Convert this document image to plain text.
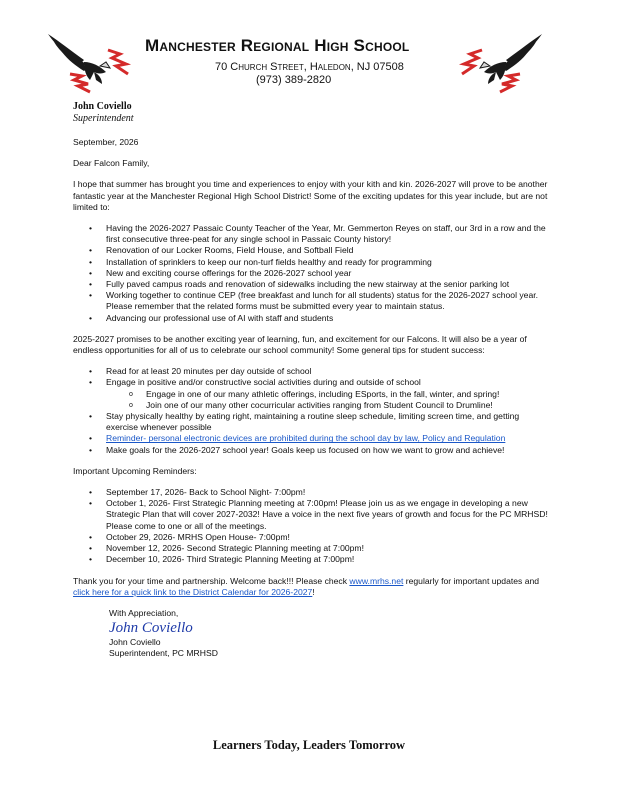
Manchester Regional High School
70 Church Street, Haledon, NJ 07508
(973) 389-2820
John Coviello
Superintendent

September, 2026

Dear Falcon Family,

I hope that summer has brought you time and experiences to enjoy with your kith and kin. 2026-2027 will prove to be another fantastic year at the Manchester Regional High School District! Some of the exciting updates for this year include, but are not limited to:

• Having the 2026-2027 Passaic County Teacher of the Year, Mr. Gemmerton Reyes on staff, our 3rd in a row and the first consecutive three-peat for any single school in Passaic County history!
• Renovation of our Locker Rooms, Field House, and Softball Field
• Installation of sprinklers to keep our non-turf fields healthy and ready for programming
• New and exciting course offerings for the 2026-2027 school year
• Fully paved campus roads and renovation of sidewalks including the new stairway at the senior parking lot
• Working together to continue CEP (free breakfast and lunch for all students) status for the 2026-2027 school year. Please remember that the related forms must be submitted every year to maintain status.
• Advancing our professional use of AI with staff and students

2025-2027 promises to be another exciting year of learning, fun, and excitement for our Falcons. It will also be a year of endless opportunities for all of us to celebrate our school community! Some general tips for student success:

• Read for at least 20 minutes per day outside of school
• Engage in positive and/or constructive social activities during and outside of school
o Engage in one of our many athletic offerings, including ESports, in the fall, winter, and spring!
o Join one of our many other cocurricular activities ranging from Student Council to Drumline!
• Stay physically healthy by eating right, maintaining a routine sleep schedule, limiting screen time, and getting exercise whenever possible
• Reminder- personal electronic devices are prohibited during the school day by law, Policy and Regulation
• Make goals for the 2026-2027 school year! Goals keep us focused on how we want to grow and achieve!

Important Upcoming Reminders:

• September 17, 2026- Back to School Night- 7:00pm!
• October 1, 2026- First Strategic Planning meeting at 7:00pm! Please join us as we engage in developing a new Strategic Plan that will cover 2027-2032! Have a voice in the next five years of growth and focus for the PC MRHSD! Please come to one or all of the meetings.
• October 29, 2026- MRHS Open House- 7:00pm!
• November 12, 2026- Second Strategic Planning meeting at 7:00pm!
• December 10, 2026- Third Strategic Planning Meeting at 7:00pm!

Thank you for your time and partnership. Welcome back!!! Please check www.mrhs.net regularly for important updates and click here for a quick link to the District Calendar for 2026-2027!

With Appreciation,
John Coviello
John Coviello
Superintendent, PC MRHSD
Learners Today, Leaders Tomorrow
